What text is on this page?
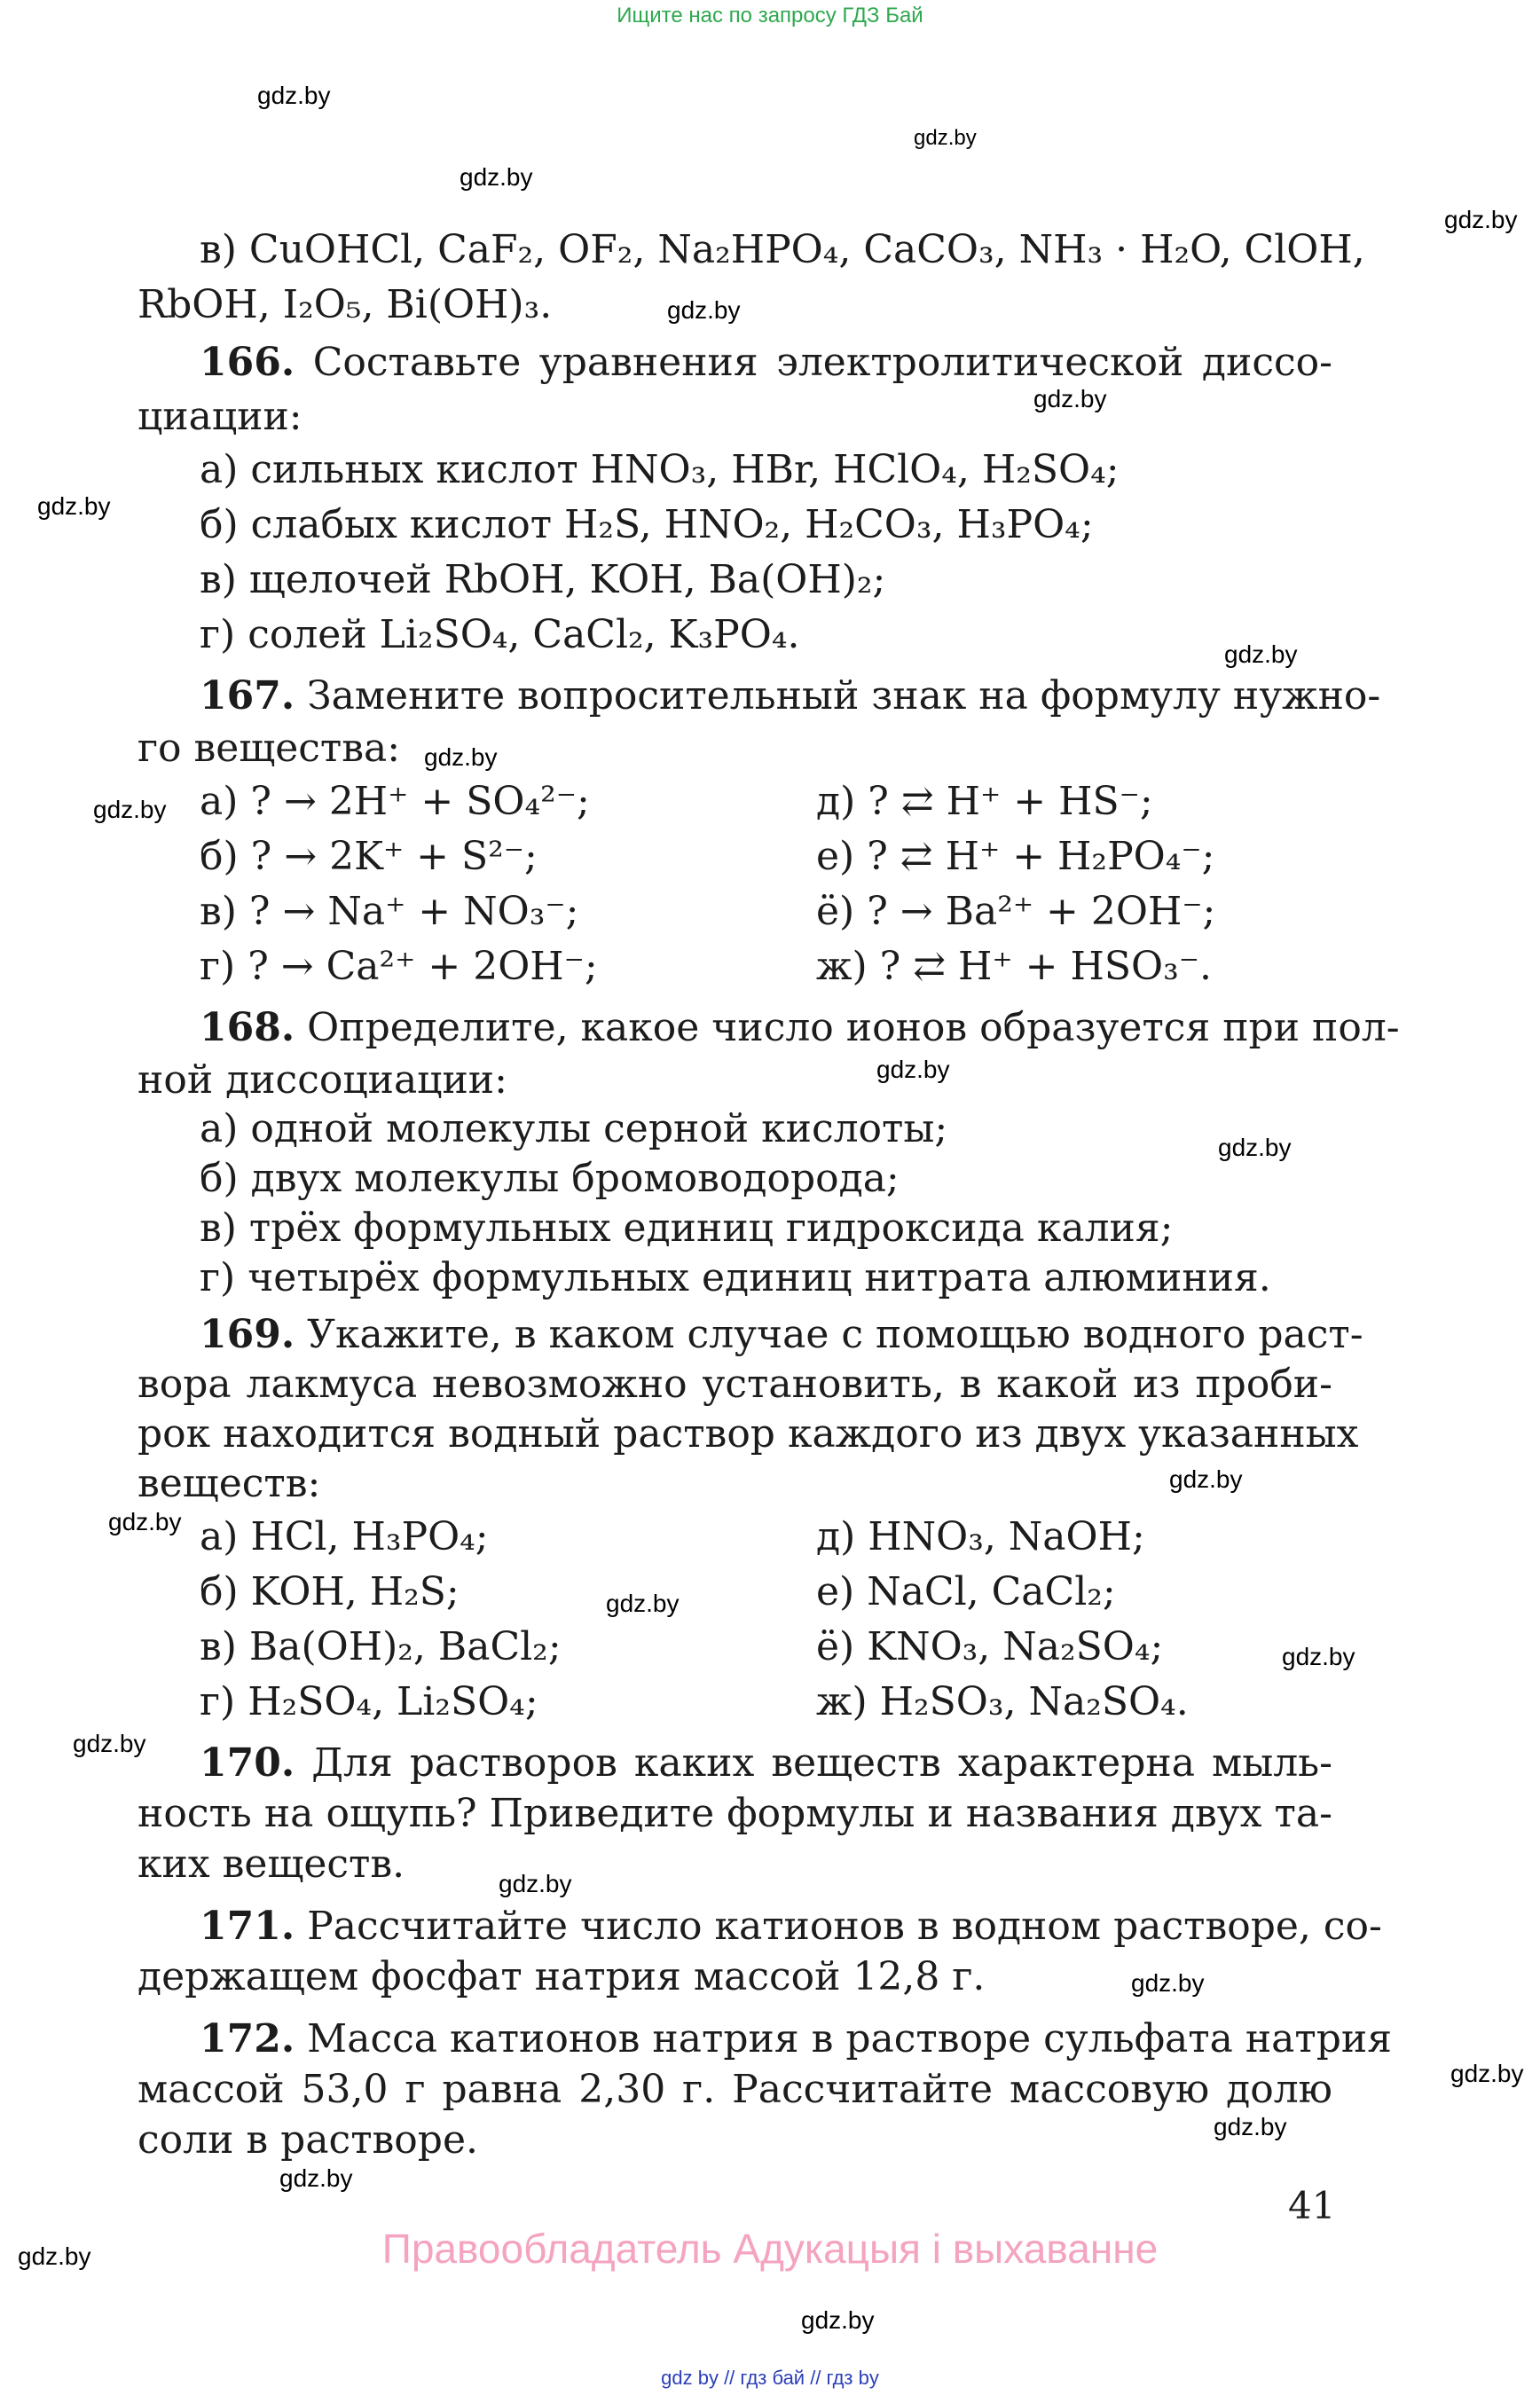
Ищите нас по запросу ГДЗ Бай
Правообладатель Адукацыя і выхаванне
gdz by // гдз бай // гдз by
41
gdz.by
gdz.by
gdz.by
gdz.by
gdz.by
gdz.by
gdz.by
gdz.by
gdz.by
gdz.by
gdz.by
gdz.by
gdz.by
gdz.by
gdz.by
gdz.by
gdz.by
gdz.by
gdz.by
gdz.by
gdz.by
gdz.by
gdz.by
gdz.by
в) CuOHCl, CaF₂, OF₂, Na₂HPO₄, CaCO₃, NH₃ · H₂O, ClOH,
RbOH, I₂O₅, Bi(OH)₃.
166. Составьте уравнения электролитической диссо-
циации:
а) сильных кислот HNO₃, HBr, HClO₄, H₂SO₄;
б) слабых кислот H₂S, HNO₂, H₂CO₃, H₃PO₄;
в) щелочей RbOH, KOH, Ba(OH)₂;
г) солей Li₂SO₄, CaCl₂, K₃PO₄.
167. Замените вопросительный знак на формулу нужно-
го вещества:
а) ? → 2H⁺ + SO₄²⁻;
б) ? → 2K⁺ + S²⁻;
в) ? → Na⁺ + NO₃⁻;
г) ? → Ca²⁺ + 2OH⁻;
д) ? ⇄ H⁺ + HS⁻;
е) ? ⇄ H⁺ + H₂PO₄⁻;
ё) ? → Ba²⁺ + 2OH⁻;
ж) ? ⇄ H⁺ + HSO₃⁻.
168. Определите, какое число ионов образуется при пол-
ной диссоциации:
а) одной молекулы серной кислоты;
б) двух молекулы бромоводорода;
в) трёх формульных единиц гидроксида калия;
г) четырёх формульных единиц нитрата алюминия.
169. Укажите, в каком случае с помощью водного раст-
вора лакмуса невозможно установить, в какой из проби-
рок находится водный раствор каждого из двух указанных
веществ:
а) HCl, H₃PO₄;
б) KOH, H₂S;
в) Ba(OH)₂, BaCl₂;
г) H₂SO₄, Li₂SO₄;
д) HNO₃, NaOH;
е) NaCl, CaCl₂;
ё) KNO₃, Na₂SO₄;
ж) H₂SO₃, Na₂SO₄.
170. Для растворов каких веществ характерна мыль-
ность на ощупь? Приведите формулы и названия двух та-
ких веществ.
171. Рассчитайте число катионов в водном растворе, со-
держащем фосфат натрия массой 12,8 г.
172. Масса катионов натрия в растворе сульфата натрия
массой 53,0 г равна 2,30 г. Рассчитайте массовую долю
соли в растворе.
